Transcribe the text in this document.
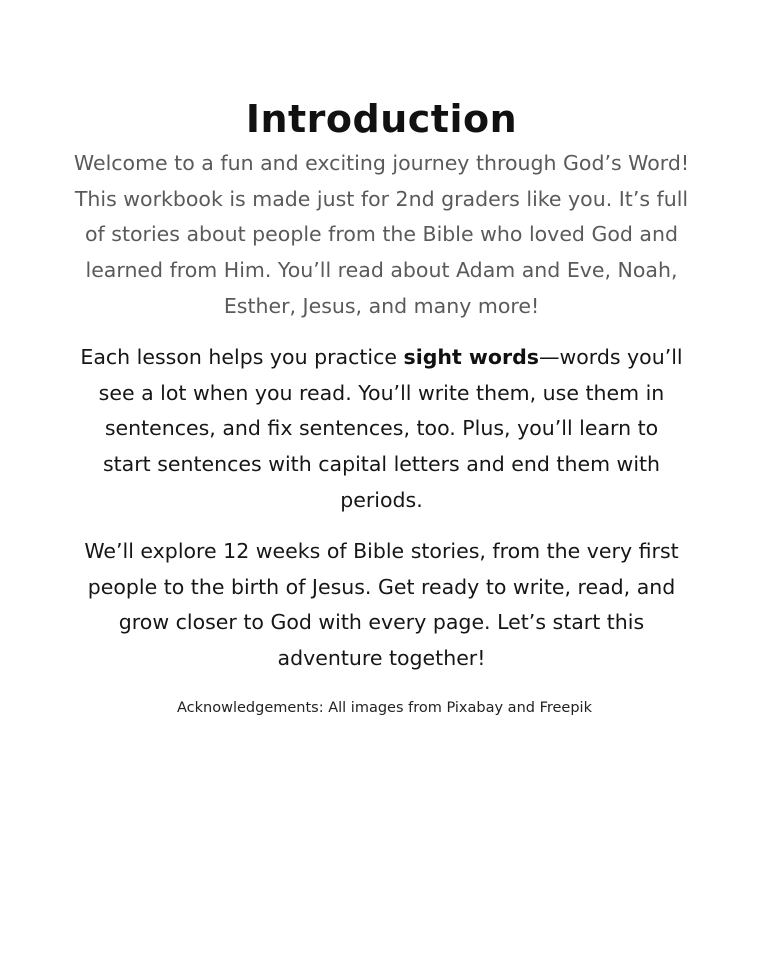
Introduction

Welcome to a fun and exciting journey through God’s Word! This workbook is made just for 2nd graders like you. It’s full of stories about people from the Bible who loved God and learned from Him. You’ll read about Adam and Eve, Noah, Esther, Jesus, and many more!

Each lesson helps you practice sight words—words you’ll see a lot when you read. You’ll write them, use them in sentences, and fix sentences, too. Plus, you’ll learn to start sentences with capital letters and end them with periods.

We’ll explore 12 weeks of Bible stories, from the very first people to the birth of Jesus. Get ready to write, read, and grow closer to God with every page. Let’s start this adventure together!

Acknowledgements: All images from Pixabay and Freepik
